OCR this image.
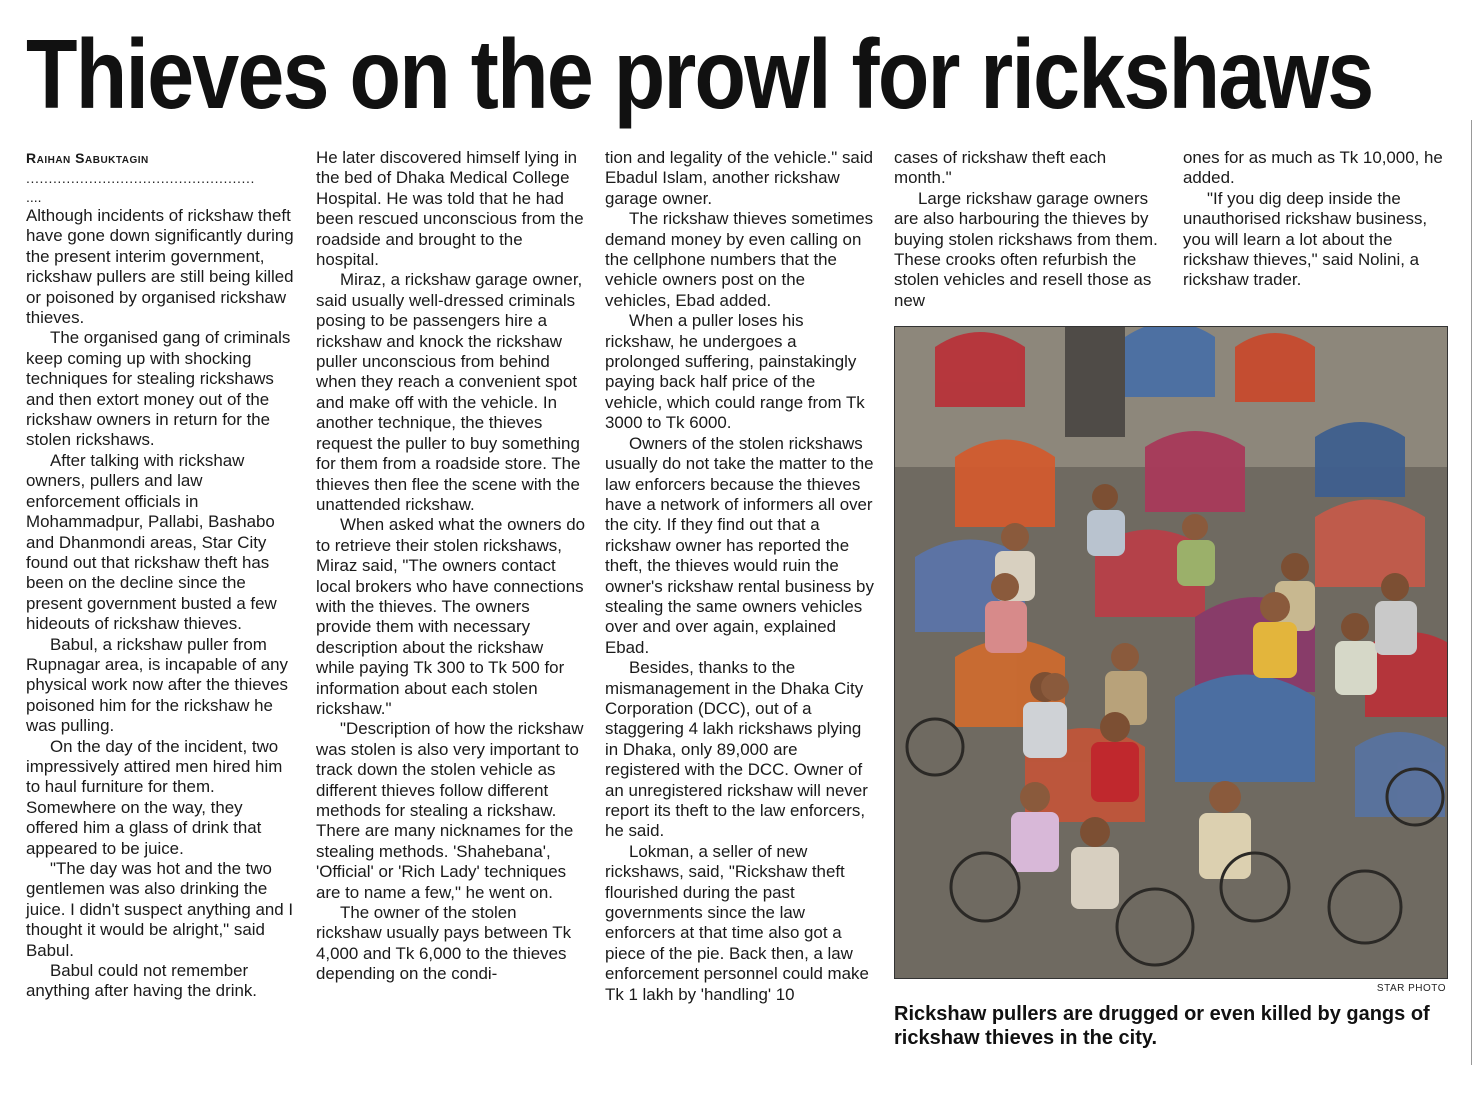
Thieves on the prowl for rickshaws

Raihan Sabuktagin

...................................................

....

Although incidents of rickshaw theft have gone down significantly during the present interim government, rickshaw pullers are still being killed or poisoned by organised rickshaw thieves.

The organised gang of criminals keep coming up with shocking techniques for stealing rickshaws and then extort money out of the rickshaw owners in return for the stolen rickshaws.

After talking with rickshaw owners, pullers and law enforcement officials in Mohammadpur, Pallabi, Bashabo and Dhanmondi areas, Star City found out that rickshaw theft has been on the decline since the present government busted a few hideouts of rickshaw thieves.

Babul, a rickshaw puller from Rupnagar area, is incapable of any physical work now after the thieves poisoned him for the rickshaw he was pulling.

On the day of the incident, two impressively attired men hired him to haul furniture for them. Somewhere on the way, they offered him a glass of drink that appeared to be juice.

"The day was hot and the two gentlemen was also drinking the juice. I didn't suspect anything and I thought it would be alright," said Babul.

Babul could not remember anything after having the drink.

He later discovered himself lying in the bed of Dhaka Medical College Hospital. He was told that he had been rescued unconscious from the roadside and brought to the hospital.

Miraz, a rickshaw garage owner, said usually well-dressed criminals posing to be passengers hire a rickshaw and knock the rickshaw puller unconscious from behind when they reach a convenient spot and make off with the vehicle. In another technique, the thieves request the puller to buy something for them from a roadside store. The thieves then flee the scene with the unattended rickshaw.

When asked what the owners do to retrieve their stolen rickshaws, Miraz said, "The owners contact local brokers who have connections with the thieves. The owners provide them with necessary description about the rickshaw while paying Tk 300 to Tk 500 for information about each stolen rickshaw."

"Description of how the rickshaw was stolen is also very important to track down the stolen vehicle as different thieves follow different methods for stealing a rickshaw. There are many nicknames for the stealing methods. 'Shahebana', 'Official' or 'Rich Lady' techniques are to name a few," he went on.

The owner of the stolen rickshaw usually pays between Tk 4,000 and Tk 6,000 to the thieves depending on the condi-

tion and legality of the vehicle." said Ebadul Islam, another rickshaw garage owner.

The rickshaw thieves sometimes demand money by even calling on the cellphone numbers that the vehicle owners post on the vehicles, Ebad added.

When a puller loses his rickshaw, he undergoes a prolonged suffering, painstakingly paying back half price of the vehicle, which could range from Tk 3000 to Tk 6000.

Owners of the stolen rickshaws usually do not take the matter to the law enforcers because the thieves have a network of informers all over the city. If they find out that a rickshaw owner has reported the theft, the thieves would ruin the owner's rickshaw rental business by stealing the same owners vehicles over and over again, explained Ebad.

Besides, thanks to the mismanagement in the Dhaka City Corporation (DCC), out of a staggering 4 lakh rickshaws plying in Dhaka, only 89,000 are registered with the DCC. Owner of an unregistered rickshaw will never report its theft to the law enforcers, he said.

Lokman, a seller of new rickshaws, said, "Rickshaw theft flourished during the past governments since the law enforcers at that time also got a piece of the pie. Back then, a law enforcement personnel could make Tk 1 lakh by 'handling' 10

cases of rickshaw theft each month."

Large rickshaw garage owners are also harbouring the thieves by buying stolen rickshaws from them. These crooks often refurbish the stolen vehicles and resell those as new

ones for as much as Tk 10,000, he added.

"If you dig deep inside the unauthorised rickshaw business, you will learn a lot about the rickshaw thieves," said Nolini, a rickshaw trader.

STAR PHOTO

Rickshaw pullers are drugged or even killed by gangs of rickshaw thieves in the city.
